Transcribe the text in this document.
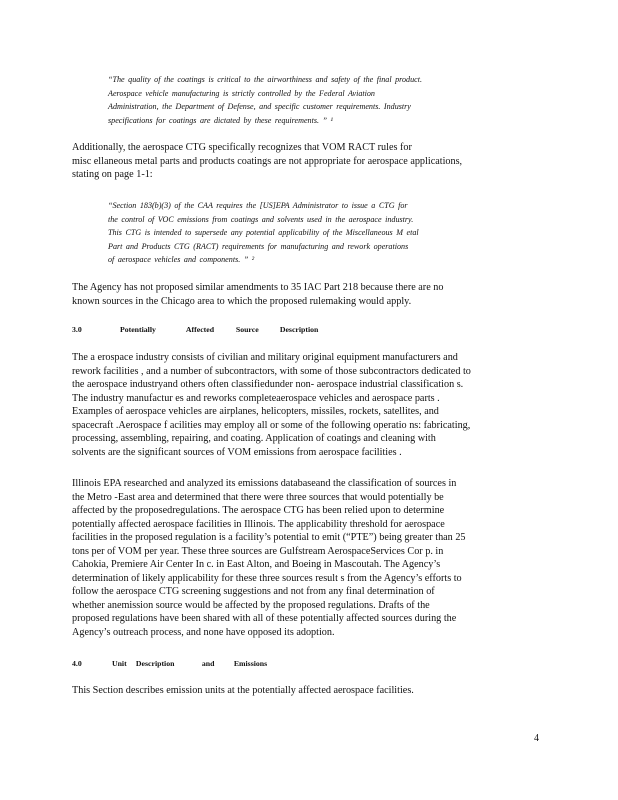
“The quality of the coatings is critical to the airworthiness and safety of the final product.
Aerospace vehicle manufacturing is strictly controlled by the Federal Aviation
Administration, the Department of Defense, and specific customer requirements. Industry
specifications for coatings are dictated by these requirements. ” ¹
Additionally, the aerospace CTG specifically recognizes that VOM RACT rules for
misc ellaneous metal parts and products coatings are not appropriate for aerospace applications,
stating on page 1-1:
“Section 183(b)(3) of the CAA requires the [US]EPA Administrator to issue a CTG for
the control of VOC emissions from coatings and solvents used in the aerospace industry.
This CTG is intended to supersede any potential applicability of the Miscellaneous M etal
Part and Products CTG (RACT) requirements for manufacturing and rework operations
of aerospace vehicles and components. ” ²
The Agency has not proposed similar amendments to 35 IAC Part 218 because there are no
known sources in the Chicago area to which the proposed rulemaking would apply.
3.0	Potentially	Affected	Source	Description
The a erospace industry consists of civilian and military original equipment manufacturers and
rework facilities , and a number of subcontractors, with some of those subcontractors dedicated to
the aerospace industryand others often classifiedunder non- aerospace industrial classification s.
The industry manufactur es and reworks completeaerospace vehicles and aerospace parts .
Examples of aerospace vehicles are airplanes, helicopters, missiles, rockets, satellites, and
spacecraft .Aerospace f acilities may employ all or some of the following operatio ns: fabricating,
processing, assembling, repairing, and coating. Application of coatings and cleaning with
solvents are the significant sources of VOM emissions from aerospace facilities .
Illinois EPA researched and analyzed its emissions databaseand the classification of sources in
the Metro -East area and determined that there were three sources that would potentially be
affected by the proposedregulations. The aerospace CTG has been relied upon to determine
potentially affected aerospace facilities in Illinois. The applicability threshold for aerospace
facilities in the proposed regulation is a facility’s potential to emit (“PTE”) being greater than 25
tons per of VOM per year. These three sources are Gulfstream AerospaceServices Cor p. in
Cahokia, Premiere Air Center In c. in East Alton, and Boeing in Mascoutah. The Agency’s
determination of likely applicability for these three sources result s from the Agency’s efforts to
follow the aerospace CTG screening suggestions and not from any final determination of
whether anemission source would be affected by the proposed regulations. Drafts of the
proposed regulations have been shared with all of these potentially affected sources during the
Agency’s outreach process, and none have opposed its adoption.
4.0	Unit Description	and Emissions
This Section describes emission units at the potentially affected aerospace facilities.
4
